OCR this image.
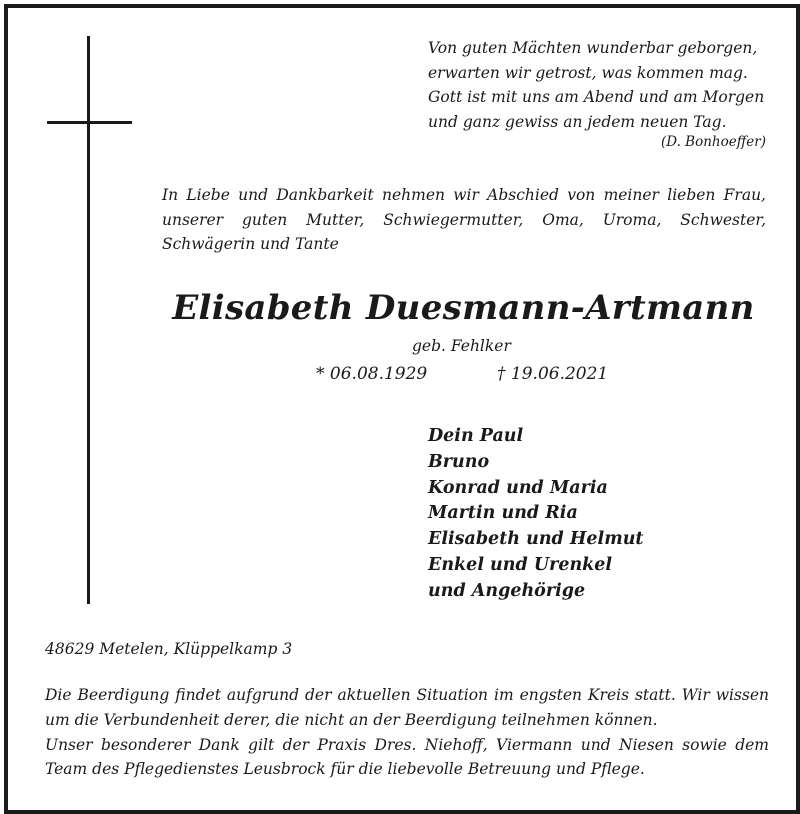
Von guten Mächten wunderbar geborgen,
erwarten wir getrost, was kommen mag.
Gott ist mit uns am Abend und am Morgen
und ganz gewiss an jedem neuen Tag.
(D. Bonhoeffer)
In Liebe und Dankbarkeit nehmen wir Abschied von meiner lieben Frau,
unserer guten Mutter, Schwiegermutter, Oma, Uroma, Schwester,
Schwägerin und Tante
Elisabeth Duesmann-Artmann
geb. Fehlker
* 06.08.1929	† 19.06.2021
Dein Paul
Bruno
Konrad und Maria
Martin und Ria
Elisabeth und Helmut
Enkel und Urenkel
und Angehörige
48629 Metelen, Klüppelkamp 3
Die Beerdigung findet aufgrund der aktuellen Situation im engsten Kreis statt. Wir wissen
um die Verbundenheit derer, die nicht an der Beerdigung teilnehmen können.
Unser besonderer Dank gilt der Praxis Dres. Niehoff, Viermann und Niesen sowie dem
Team des Pflegedienstes Leusbrock für die liebevolle Betreuung und Pflege.
